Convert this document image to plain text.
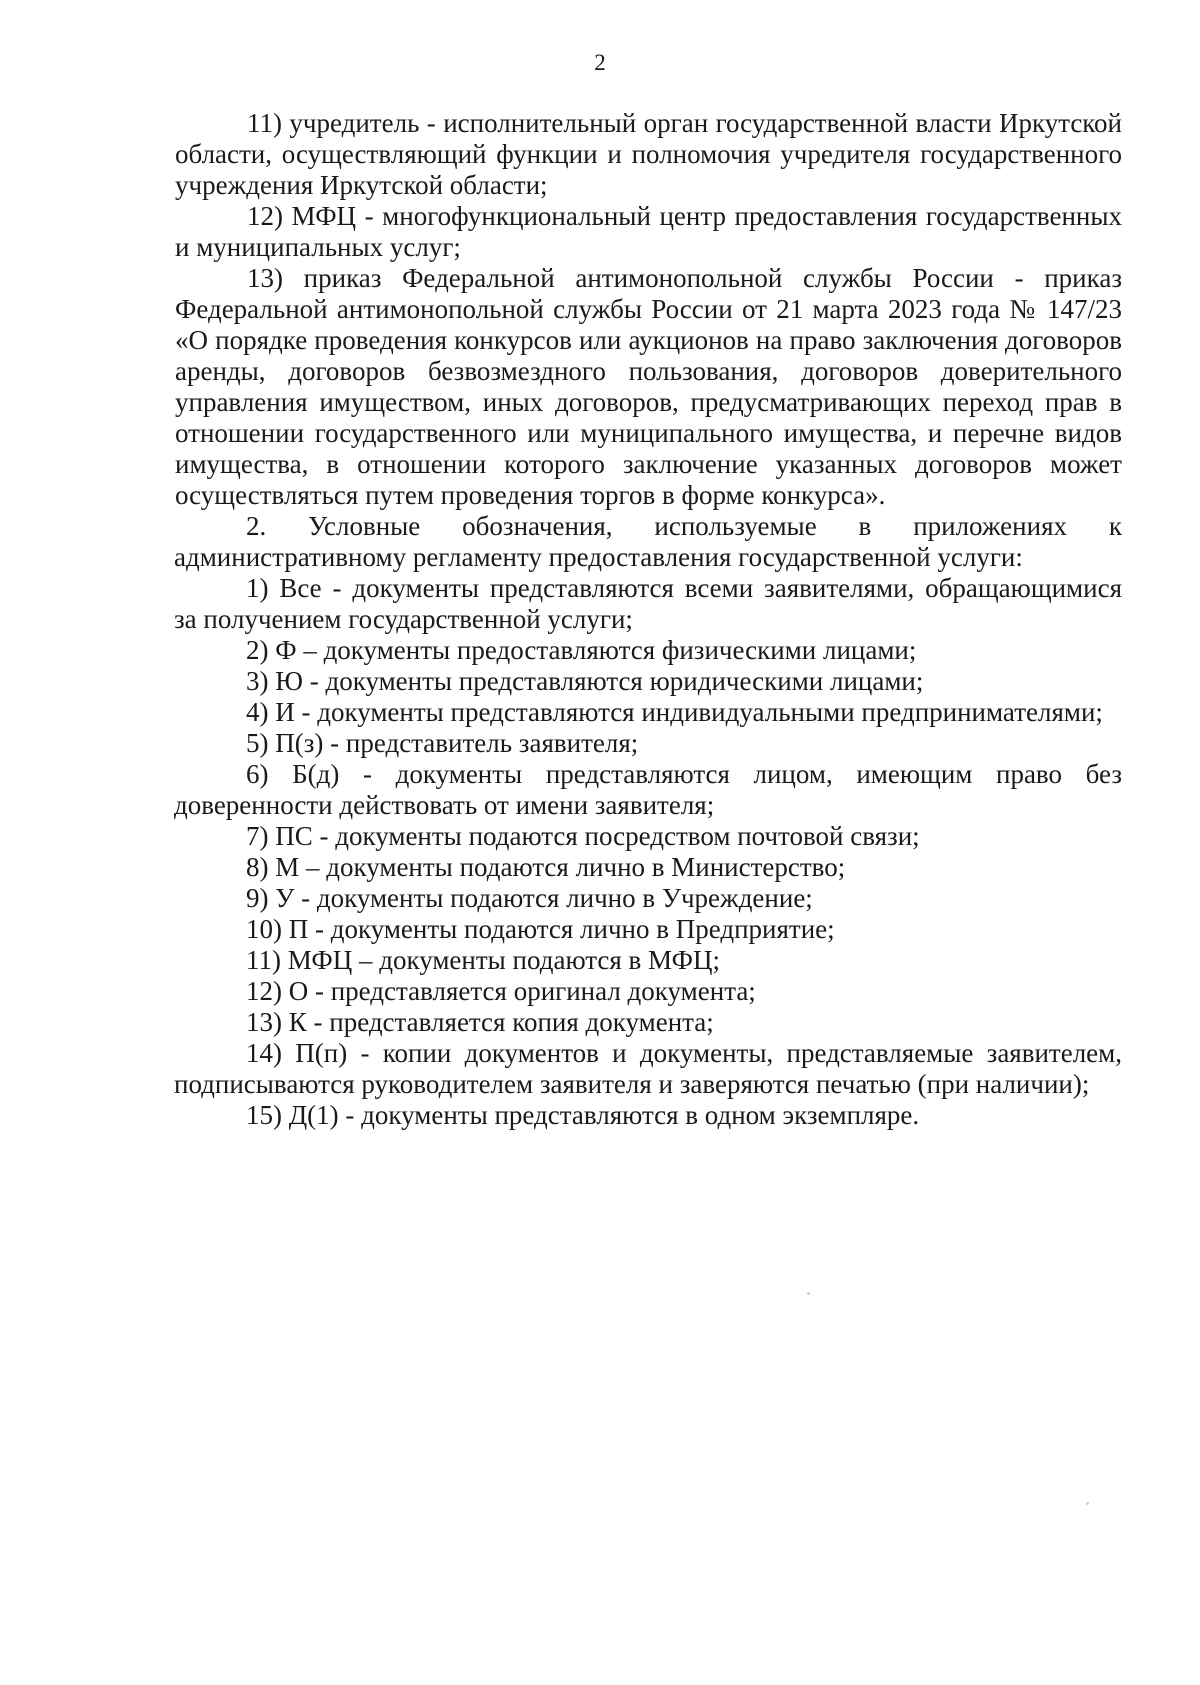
2

11) учредитель - исполнительный орган государственной власти Иркутской области, осуществляющий функции и полномочия учредителя государственного учреждения Иркутской области;

12) МФЦ - многофункциональный центр предоставления государственных и муниципальных услуг;

13) приказ Федеральной антимонопольной службы России - приказ Федеральной антимонопольной службы России от 21 марта 2023 года № 147/23 «О порядке проведения конкурсов или аукционов на право заключения договоров аренды, договоров безвозмездного пользования, договоров доверительного управления имуществом, иных договоров, предусматривающих переход прав в отношении государственного или муниципального имущества, и перечне видов имущества, в отношении которого заключение указанных договоров может осуществляться путем проведения торгов в форме конкурса».

2. Условные обозначения, используемые в приложениях к административному регламенту предоставления государственной услуги:

1) Все - документы представляются всеми заявителями, обращающимися за получением государственной услуги;

2) Ф – документы предоставляются физическими лицами;

3) Ю - документы представляются юридическими лицами;

4) И - документы представляются индивидуальными предпринимателями;

5) П(з) - представитель заявителя;

6) Б(д) - документы представляются лицом, имеющим право без доверенности действовать от имени заявителя;

7) ПС - документы подаются посредством почтовой связи;

8) М – документы подаются лично в Министерство;

9) У - документы подаются лично в Учреждение;

10) П - документы подаются лично в Предприятие;

11) МФЦ – документы подаются в МФЦ;

12) О - представляется оригинал документа;

13) К - представляется копия документа;

14) П(п) - копии документов и документы, представляемые заявителем, подписываются руководителем заявителя и заверяются печатью (при наличии);

15) Д(1) - документы представляются в одном экземпляре.
